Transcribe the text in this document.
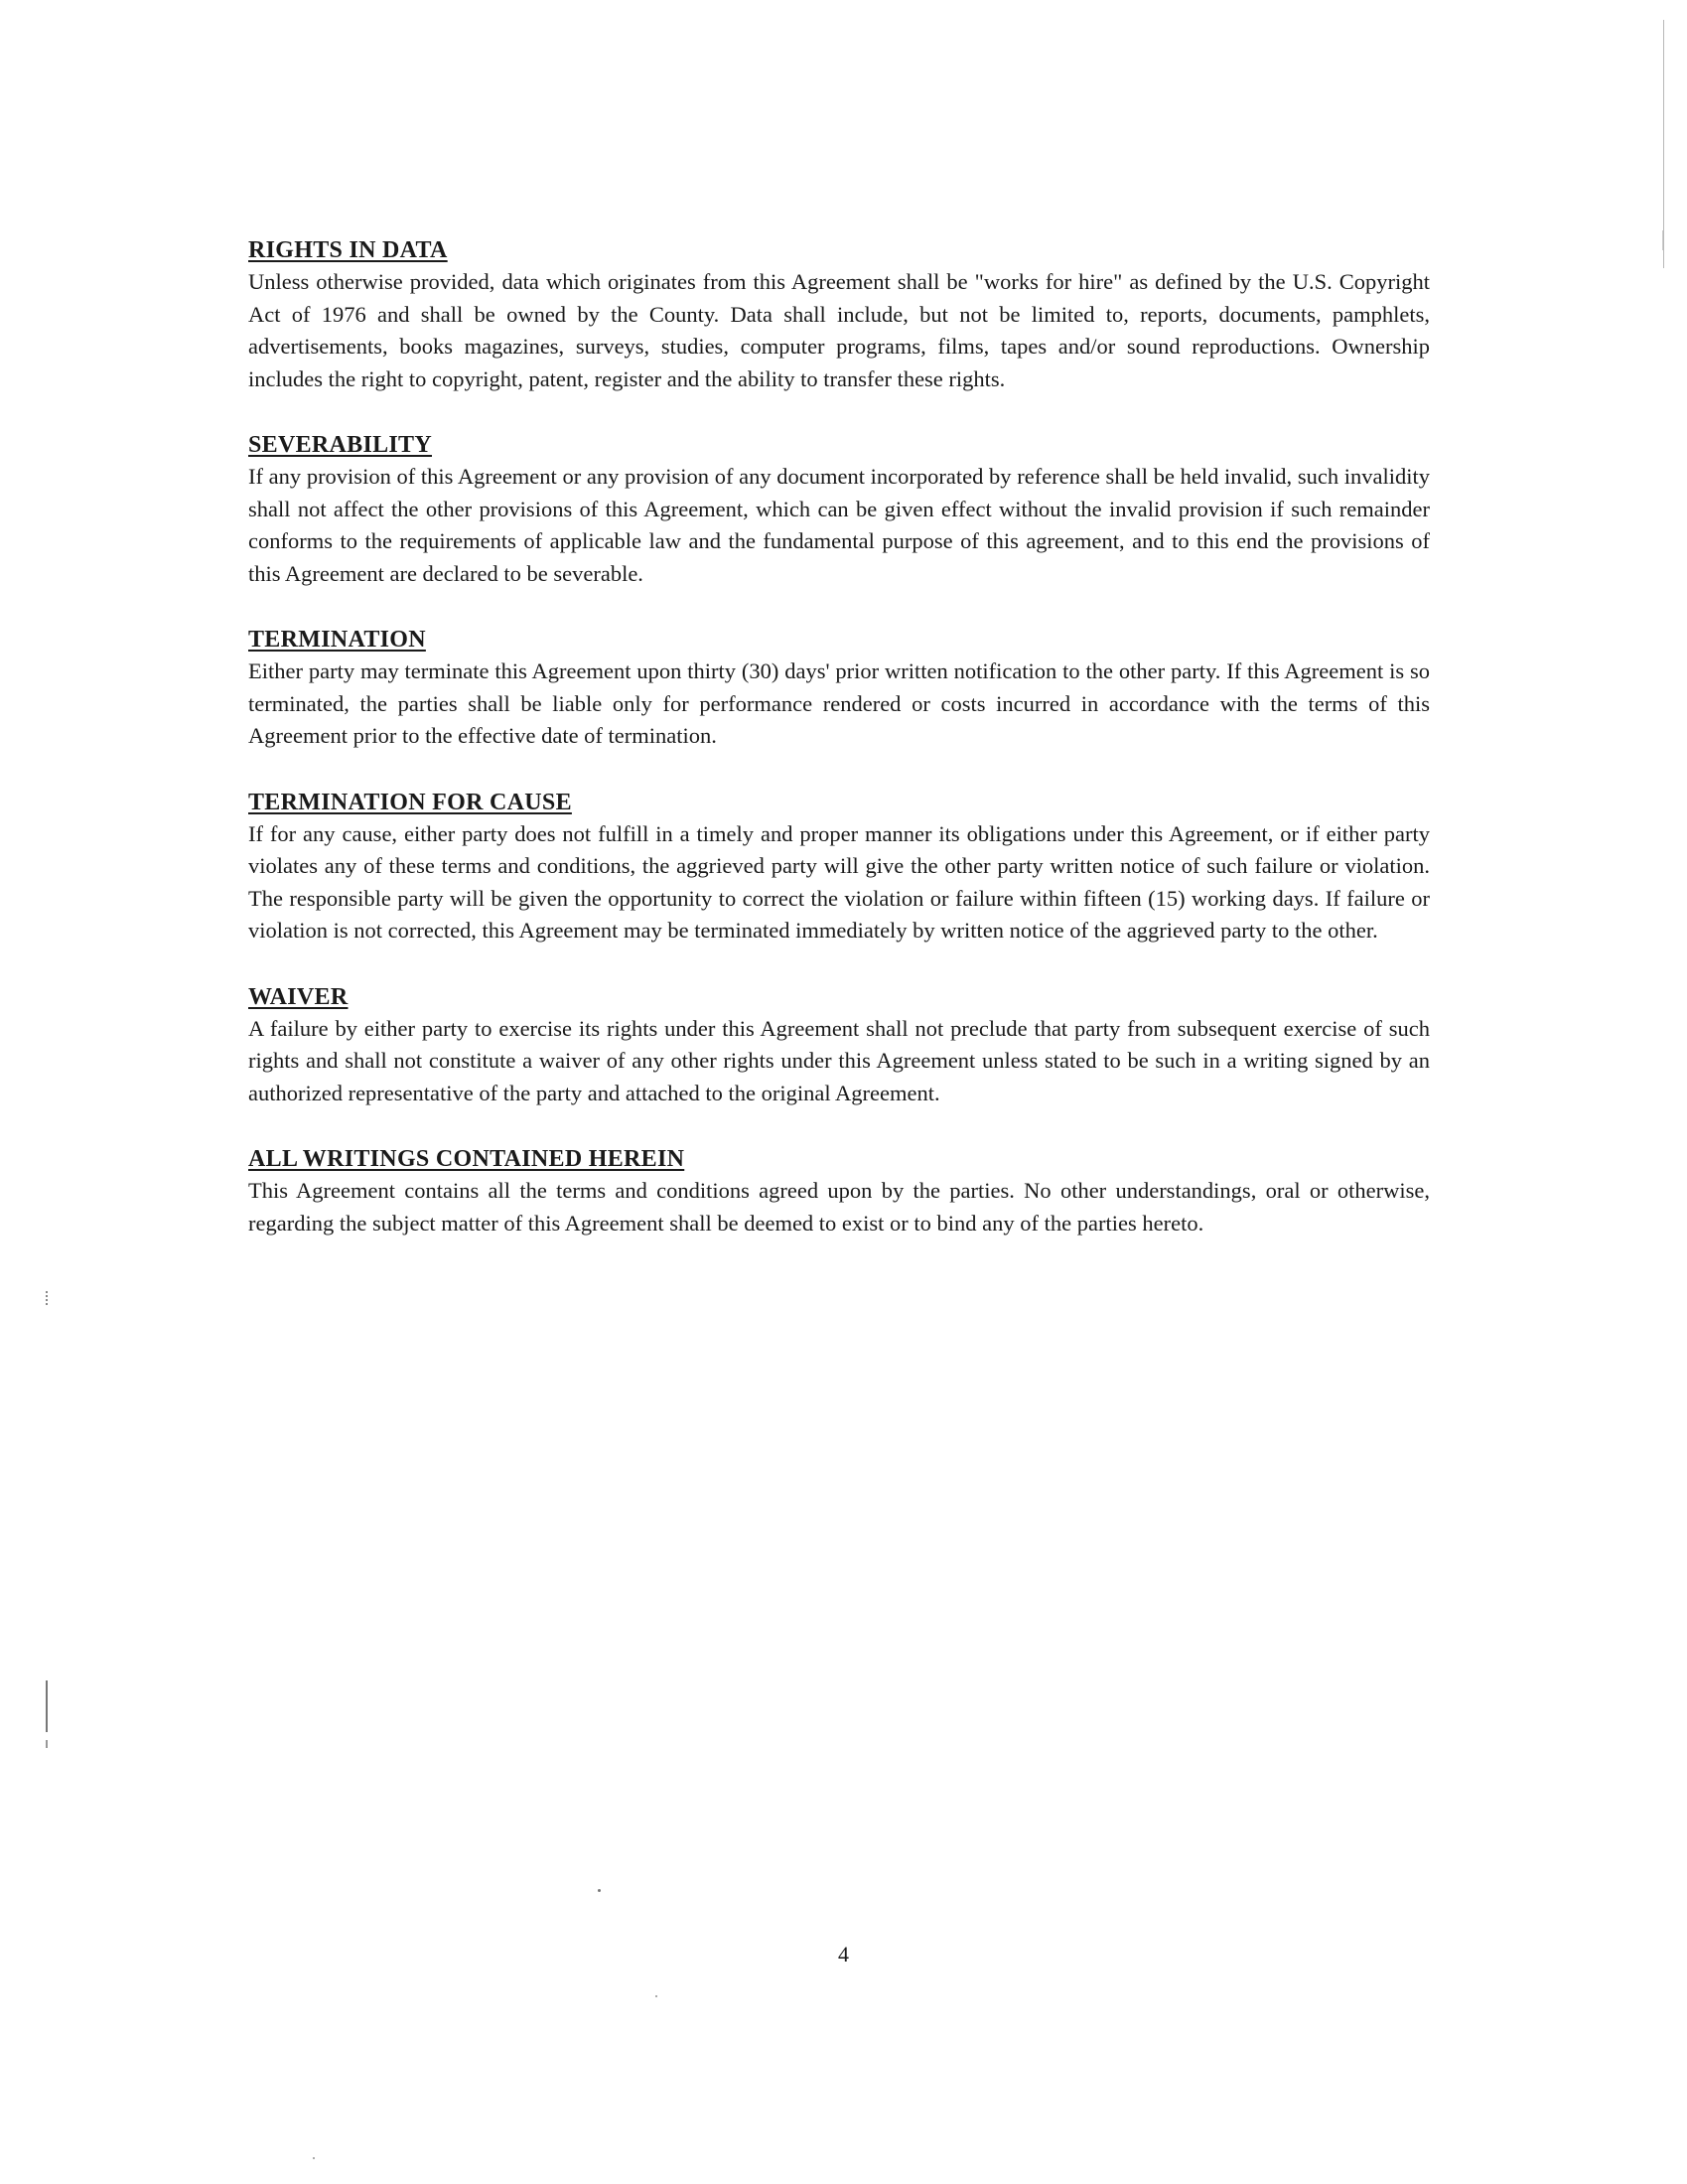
RIGHTS IN DATA

Unless otherwise provided, data which originates from this Agreement shall be "works for hire" as defined by the U.S. Copyright Act of 1976 and shall be owned by the County. Data shall include, but not be limited to, reports, documents, pamphlets, advertisements, books magazines, surveys, studies, computer programs, films, tapes and/or sound reproductions. Ownership includes the right to copyright, patent, register and the ability to transfer these rights.

SEVERABILITY

If any provision of this Agreement or any provision of any document incorporated by reference shall be held invalid, such invalidity shall not affect the other provisions of this Agreement, which can be given effect without the invalid provision if such remainder conforms to the requirements of applicable law and the fundamental purpose of this agreement, and to this end the provisions of this Agreement are declared to be severable.

TERMINATION

Either party may terminate this Agreement upon thirty (30) days' prior written notification to the other party. If this Agreement is so terminated, the parties shall be liable only for performance rendered or costs incurred in accordance with the terms of this Agreement prior to the effective date of termination.

TERMINATION FOR CAUSE

If for any cause, either party does not fulfill in a timely and proper manner its obligations under this Agreement, or if either party violates any of these terms and conditions, the aggrieved party will give the other party written notice of such failure or violation. The responsible party will be given the opportunity to correct the violation or failure within fifteen (15) working days. If failure or violation is not corrected, this Agreement may be terminated immediately by written notice of the aggrieved party to the other.

WAIVER

A failure by either party to exercise its rights under this Agreement shall not preclude that party from subsequent exercise of such rights and shall not constitute a waiver of any other rights under this Agreement unless stated to be such in a writing signed by an authorized representative of the party and attached to the original Agreement.

ALL WRITINGS CONTAINED HEREIN

This Agreement contains all the terms and conditions agreed upon by the parties. No other understandings, oral or otherwise, regarding the subject matter of this Agreement shall be deemed to exist or to bind any of the parties hereto.

4
